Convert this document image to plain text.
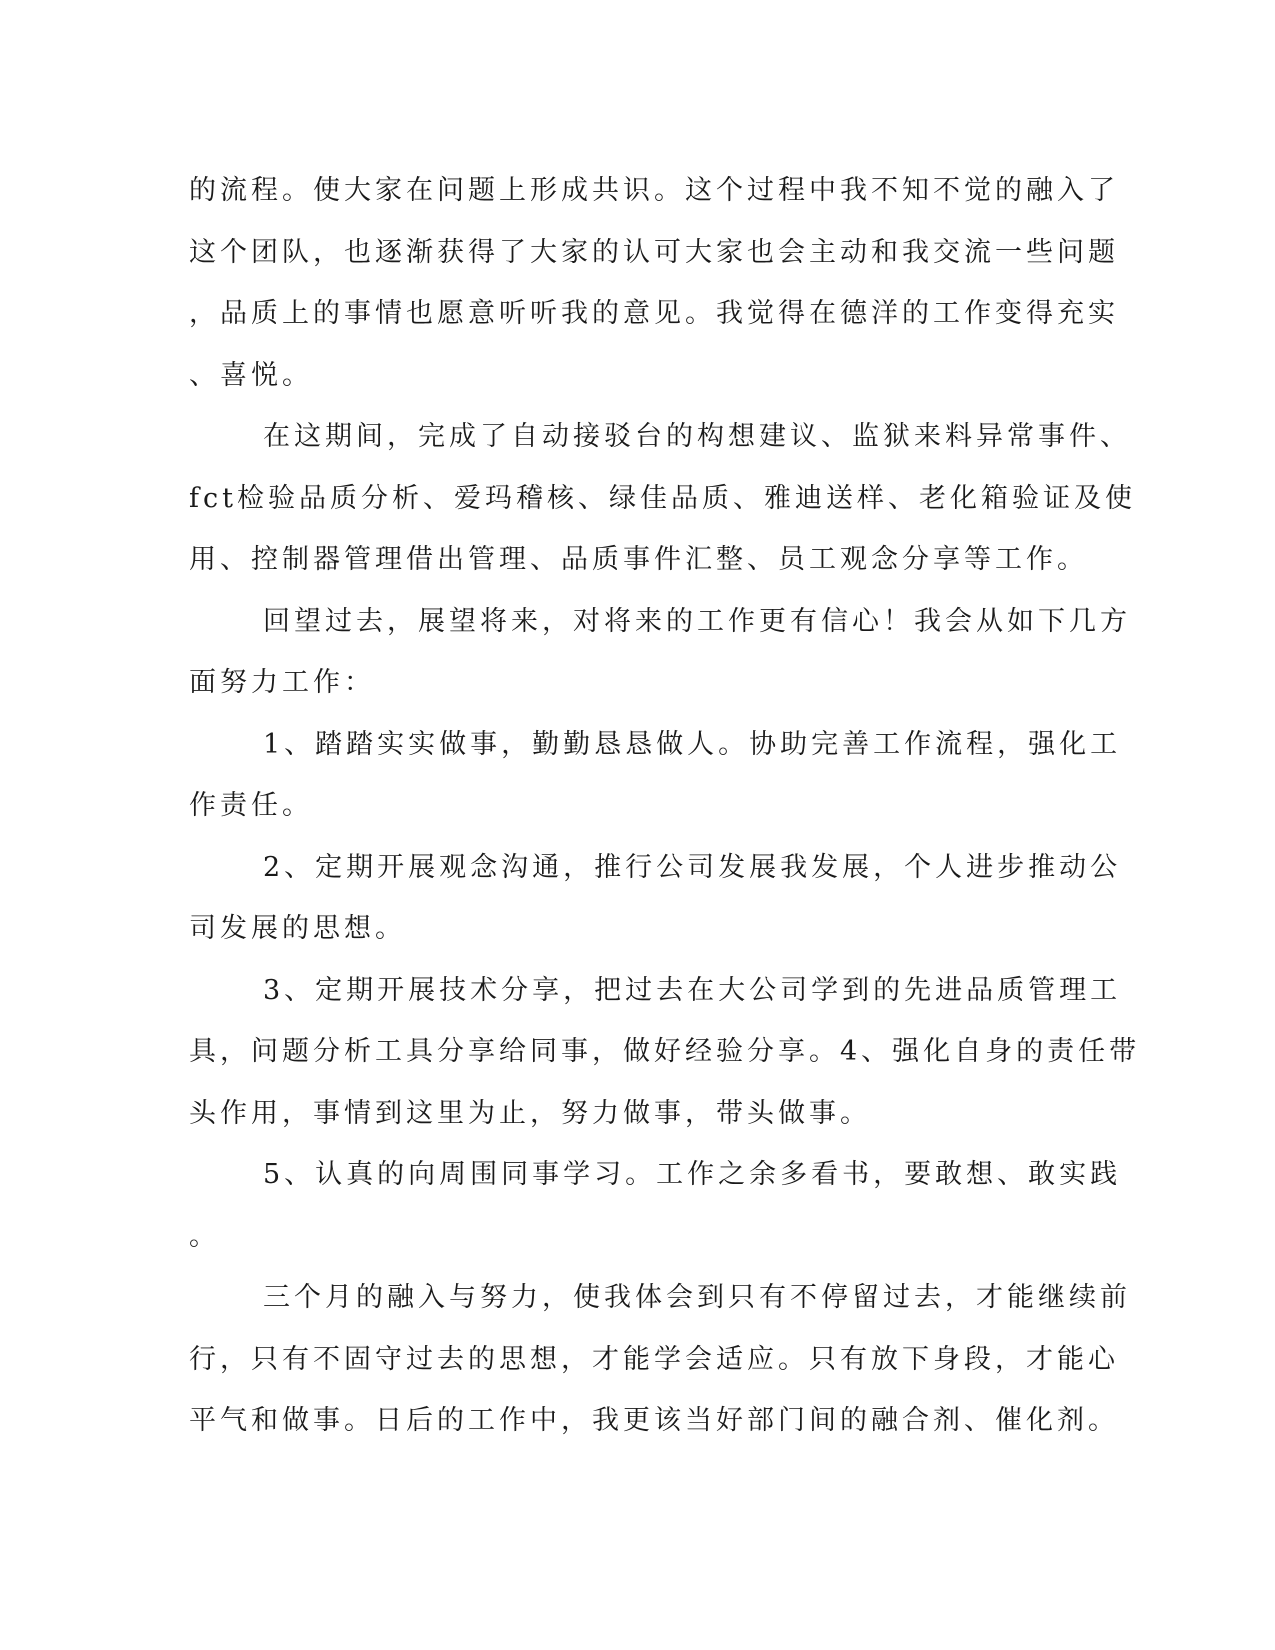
的流程。使大家在问题上形成共识。这个过程中我不知不觉的融入了
这个团队，也逐渐获得了大家的认可大家也会主动和我交流一些问题
，品质上的事情也愿意听听我的意见。我觉得在德洋的工作变得充实
、喜悦。
在这期间，完成了自动接驳台的构想建议、监狱来料异常事件、
fct检验品质分析、爱玛稽核、绿佳品质、雅迪送样、老化箱验证及使
用、控制器管理借出管理、品质事件汇整、员工观念分享等工作。
回望过去，展望将来，对将来的工作更有信心！我会从如下几方
面努力工作：
1、踏踏实实做事，勤勤恳恳做人。协助完善工作流程，强化工
作责任。
2、定期开展观念沟通，推行公司发展我发展，个人进步推动公
司发展的思想。
3、定期开展技术分享，把过去在大公司学到的先进品质管理工
具，问题分析工具分享给同事，做好经验分享。4、强化自身的责任带
头作用，事情到这里为止，努力做事，带头做事。
5、认真的向周围同事学习。工作之余多看书，要敢想、敢实践
。
三个月的融入与努力，使我体会到只有不停留过去，才能继续前
行，只有不固守过去的思想，才能学会适应。只有放下身段，才能心
平气和做事。日后的工作中，我更该当好部门间的融合剂、催化剂。
